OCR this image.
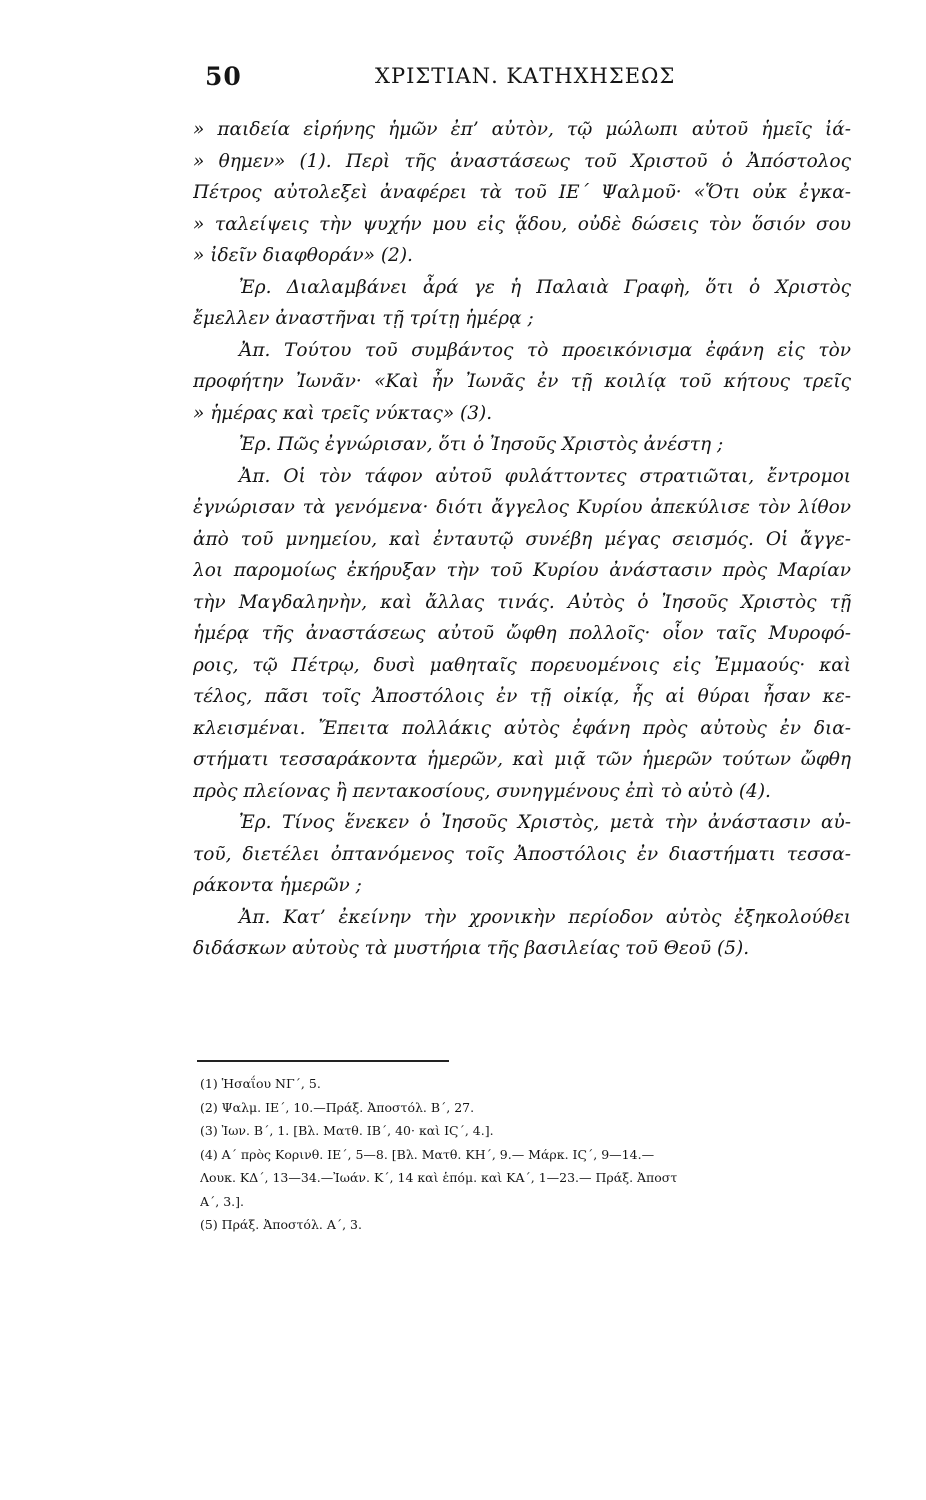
50	ΧΡΙΣΤΙΑΝ. ΚΑΤΗΧΗΣΕΩΣ
» παιδεία εἰρήνης ἡμῶν ἐπ’ αὐτὸν, τῷ μώλωπι αὐτοῦ ἡμεῖς ἰά-
» θημεν» (1). Περὶ τῆς ἀναστάσεως τοῦ Χριστοῦ ὁ Ἀπόστολος
Πέτρος αὐτολεξεὶ ἀναφέρει τὰ τοῦ ΙΕ΄ Ψαλμοῦ· «Ὅτι οὐκ ἐγκα-
» ταλείψεις τὴν ψυχήν μου εἰς ᾅδου, οὐδὲ δώσεις τὸν ὅσιόν σου
» ἰδεῖν διαφθοράν» (2).
Ἐρ. Διαλαμβάνει ἆρά γε ἡ Παλαιὰ Γραφὴ, ὅτι ὁ Χριστὸς
ἔμελλεν ἀναστῆναι τῇ τρίτῃ ἡμέρᾳ ;
Ἀπ. Τούτου τοῦ συμβάντος τὸ προεικόνισμα ἐφάνη εἰς τὸν
προφήτην Ἰωνᾶν· «Καὶ ἦν Ἰωνᾶς ἐν τῇ κοιλίᾳ τοῦ κήτους τρεῖς
» ἡμέρας καὶ τρεῖς νύκτας» (3).
Ἐρ. Πῶς ἐγνώρισαν, ὅτι ὁ Ἰησοῦς Χριστὸς ἀνέστη ;
Ἀπ. Οἱ τὸν τάφον αὐτοῦ φυλάττοντες στρατιῶται, ἔντρομοι
ἐγνώρισαν τὰ γενόμενα· διότι ἄγγελος Κυρίου ἀπεκύλισε τὸν λίθον
ἀπὸ τοῦ μνημείου, καὶ ἐνταυτῷ συνέβη μέγας σεισμός. Οἱ ἄγγε-
λοι παρομοίως ἐκήρυξαν τὴν τοῦ Κυρίου ἀνάστασιν πρὸς Μαρίαν
τὴν Μαγδαληνὴν, καὶ ἄλλας τινάς. Αὐτὸς ὁ Ἰησοῦς Χριστὸς τῇ
ἡμέρᾳ τῆς ἀναστάσεως αὐτοῦ ὤφθη πολλοῖς· οἷον ταῖς Μυροφό-
ροις, τῷ Πέτρῳ, δυσὶ μαθηταῖς πορευομένοις εἰς Ἐμμαούς· καὶ
τέλος, πᾶσι τοῖς Ἀποστόλοις ἐν τῇ οἰκίᾳ, ἧς αἱ θύραι ἦσαν κε-
κλεισμέναι. Ἔπειτα πολλάκις αὐτὸς ἐφάνη πρὸς αὐτοὺς ἐν δια-
στήματι τεσσαράκοντα ἡμερῶν, καὶ μιᾷ τῶν ἡμερῶν τούτων ὤφθη
πρὸς πλείονας ἢ πεντακοσίους, συνηγμένους ἐπὶ τὸ αὐτὸ (4).
Ἐρ. Τίνος ἕνεκεν ὁ Ἰησοῦς Χριστὸς, μετὰ τὴν ἀνάστασιν αὐ-
τοῦ, διετέλει ὀπτανόμενος τοῖς Ἀποστόλοις ἐν διαστήματι τεσσα-
ράκοντα ἡμερῶν ;
Ἀπ. Κατ’ ἐκείνην τὴν χρονικὴν περίοδον αὐτὸς ἐξηκολούθει
διδάσκων αὐτοὺς τὰ μυστήρια τῆς βασιλείας τοῦ Θεοῦ (5).
(1) Ἡσαΐου ΝΓ΄, 5.
(2) Ψαλμ. ΙΕ΄, 10.—Πράξ. Ἀποστόλ. Β΄, 27.
(3) Ἰων. Β΄, 1. [Βλ. Ματθ. ΙΒ΄, 40· καὶ ΙϚ΄, 4.].
(4) Α΄ πρὸς Κορινθ. ΙΕ΄, 5—8. [Βλ. Ματθ. ΚΗ΄, 9.— Μάρκ. ΙϚ΄, 9—14.—
Λουκ. ΚΔ΄, 13—34.—Ἰωάν. Κ΄, 14 καὶ ἑπόμ. καὶ ΚΑ΄, 1—23.— Πράξ. Ἀποστ
Α΄, 3.].
(5) Πράξ. Ἀποστόλ. Α΄, 3.
